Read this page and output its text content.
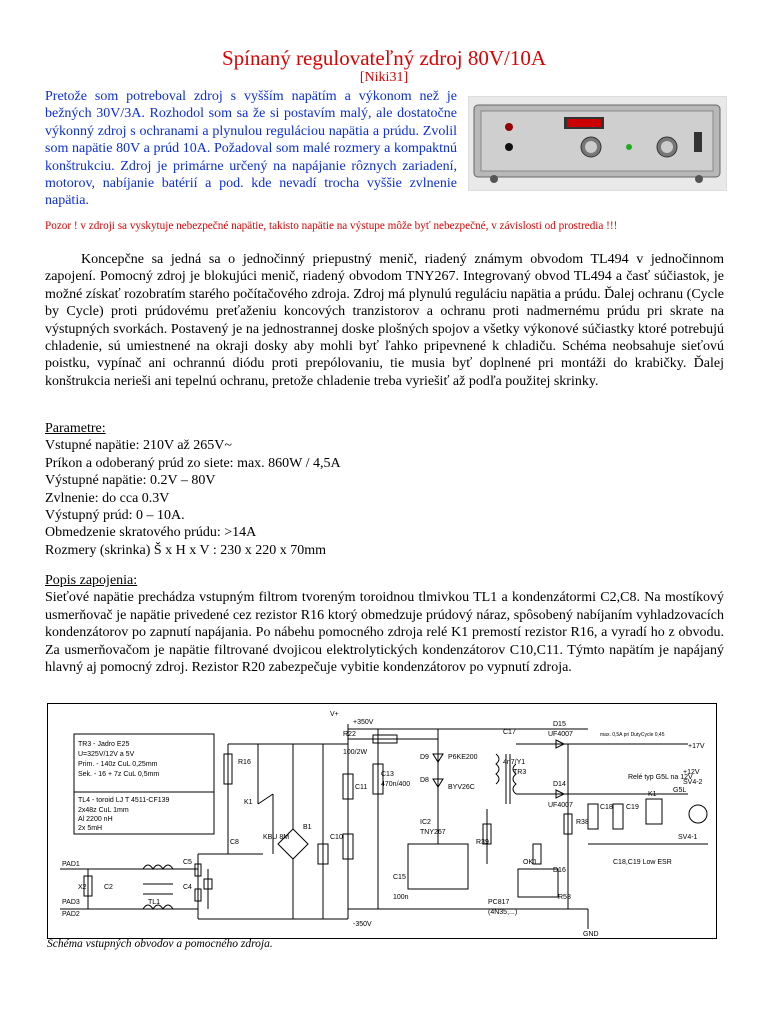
Spínaný regulovateľný zdroj 80V/10A
[Niki31]
Pretože som potreboval zdroj s vyšším napätím a výkonom než je bežných 30V/3A. Rozhodol som sa že si postavím malý, ale dostatočne výkonný zdroj s ochranami a plynulou reguláciou napätia a prúdu. Zvolil som napätie 80V a prúd 10A. Požadoval som malé rozmery a kompaktnú konštrukciu. Zdroj je primárne určený na napájanie rôznych zariadení, motorov, nabíjanie batérií a pod. kde nevadí trocha vyššie zvlnenie napätia.
Pozor ! v zdroji sa vyskytuje nebezpečné napätie, takisto napätie na výstupe môže byť nebezpečné, v závislosti od prostredia !!!

Koncepčne sa jedná sa o jednočinný priepustný menič, riadený známym obvodom TL494 v jednočinnom zapojení. Pomocný zdroj je blokujúci menič, riadený obvodom TNY267. Integrovaný obvod TL494 a časť súčiastok, je možné získať rozobratím starého počítačového zdroja. Zdroj má plynulú reguláciu napätia a prúdu. Ďalej ochranu (Cycle by Cycle) proti prúdovému preťaženiu koncových tranzistorov a ochranu proti nadmernému prúdu pri skrate na výstupných svorkách. Postavený je na jednostrannej doske plošných spojov a všetky výkonové súčiastky ktoré potrebujú chladenie, sú umiestnené na okraji dosky aby mohli byť ľahko pripevnené k chladiču. Schéma neobsahuje sieťovú poistku, vypínač ani ochrannú diódu proti prepólovaniu, tie musia byť doplnené pri montáži do krabičky. Ďalej konštrukcia nerieši ani tepelnú ochranu, pretože chladenie treba vyriešiť až podľa použitej skrinky.

Parametre:
Vstupné napätie: 210V až 265V~
Príkon a odoberaný prúd zo siete: max. 860W / 4,5A
Výstupné napätie: 0.2V – 80V
Zvlnenie: do cca 0.3V
Výstupný prúd: 0 – 10A.
Obmedzenie skratového prúdu: >14A
Rozmery (skrinka) Š x H x V : 230 x 220 x 70mm
Popis zapojenia:
Sieťové napätie prechádza vstupným filtrom tvoreným toroidnou tlmivkou TL1 a kondenzátormi C2,C8. Na mostíkový usmerňovač je napätie privedené cez rezistor R16 ktorý obmedzuje prúdový náraz, spôsobený nabíjaním vyhladzovacích kondenzátorov po zapnutí napájania. Po nábehu pomocného zdroja relé K1 premostí rezistor R16, a vyradí ho z obvodu. Za usmerňovačom je napätie filtrované dvojicou elektrolytických kondenzátorov C10,C11. Týmto napätím je napájaný hlavný aj pomocný zdroj. Rezistor R20 zabezpečuje vybitie kondenzátorov po vypnutí zdroja.
TR3 - Jadro E25
U=325V/12V a 5V
Prim. - 140z CuL 0,25mm
Sek. - 16 + 7z CuL 0,5mm
TL4 - toroid LJ T 4511-CF139
2x48z CuL 1mm
Al 2200 nH
2x 5mH
PAD1
PAD2
PAD3
X2 C2
TL1
C5
C4
R16
K1
C8
KBU 8M
B1
C10
C11
V+
+350V
-350V
R22
100/2W
C13
470n/400
D9	P6KE200
D8
BYV26C
IC2
TNY267
C15
100n
R39
C17
4n7/Y1
TR3
D15
UF4007
D14
UF4007
D16
OK1
PC817
(4N35,...)
R58
R38
C18 C19
K1
G5L
Relé typ G5L na 12V
+17V
+12V
SV4-2
SV4-1
max. 0,5A pri DutyCycle 0,45
C18,C19 Low ESR
GND
Schéma vstupných obvodov a pomocného zdroja.
